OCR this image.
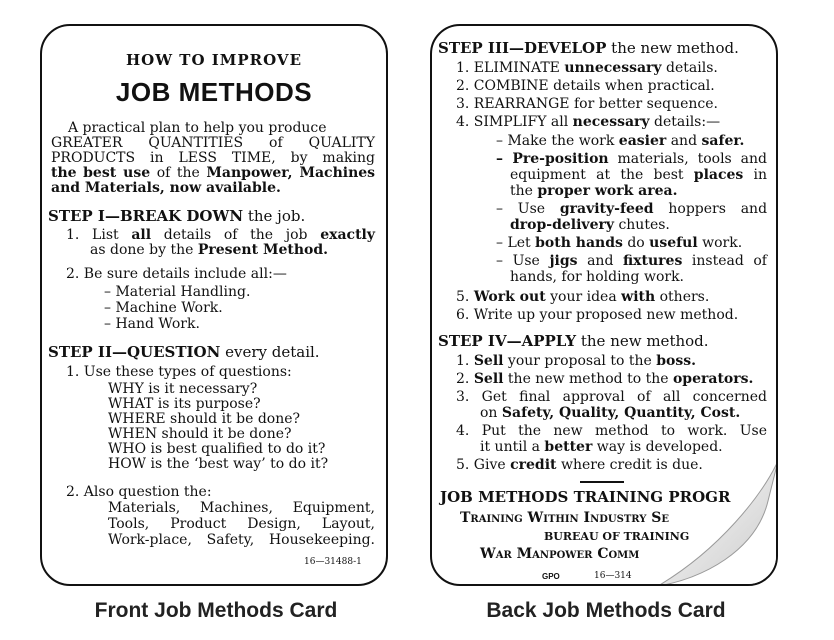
HOW TO IMPROVE
JOB METHODS
A practical plan to help you produce
GREATER QUANTITIES of QUALITY
PRODUCTS in LESS TIME, by making
the best use of the Manpower, Machines
and Materials, now available.
STEP I—BREAK DOWN the job.
1. List all details of the job exactly
as done by the Present Method.
2. Be sure details include all:—
– Material Handling.
– Machine Work.
– Hand Work.
STEP II—QUESTION every detail.
1. Use these types of questions:
WHY is it necessary?
WHAT is its purpose?
WHERE should it be done?
WHEN should it be done?
WHO is best qualified to do it?
HOW is the ‘best way’ to do it?
2. Also question the:
Materials, Machines, Equipment,
Tools, Product Design, Layout,
Work-place, Safety, Housekeeping.
16—31488-1
STEP III—DEVELOP the new method.
1. ELIMINATE unnecessary details.
2. COMBINE details when practical.
3. REARRANGE for better sequence.
4. SIMPLIFY all necessary details:—
– Make the work easier and safer.
– Pre-position materials, tools and
equipment at the best places in
the proper work area.
– Use gravity-feed hoppers and
drop-delivery chutes.
– Let both hands do useful work.
– Use jigs and fixtures instead of
hands, for holding work.
5. Work out your idea with others.
6. Write up your proposed new method.
STEP IV—APPLY the new method.
1. Sell your proposal to the boss.
2. Sell the new method to the operators.
3. Get final approval of all concerned
on Safety, Quality, Quantity, Cost.
4. Put the new method to work. Use
it until a better way is developed.
5. Give credit where credit is due.
JOB METHODS TRAINING PROGR
Training Within Industry Se
BUREAU OF TRAINING
War Manpower Comm
GPO	16—314
Front Job Methods Card	Back Job Methods Card
